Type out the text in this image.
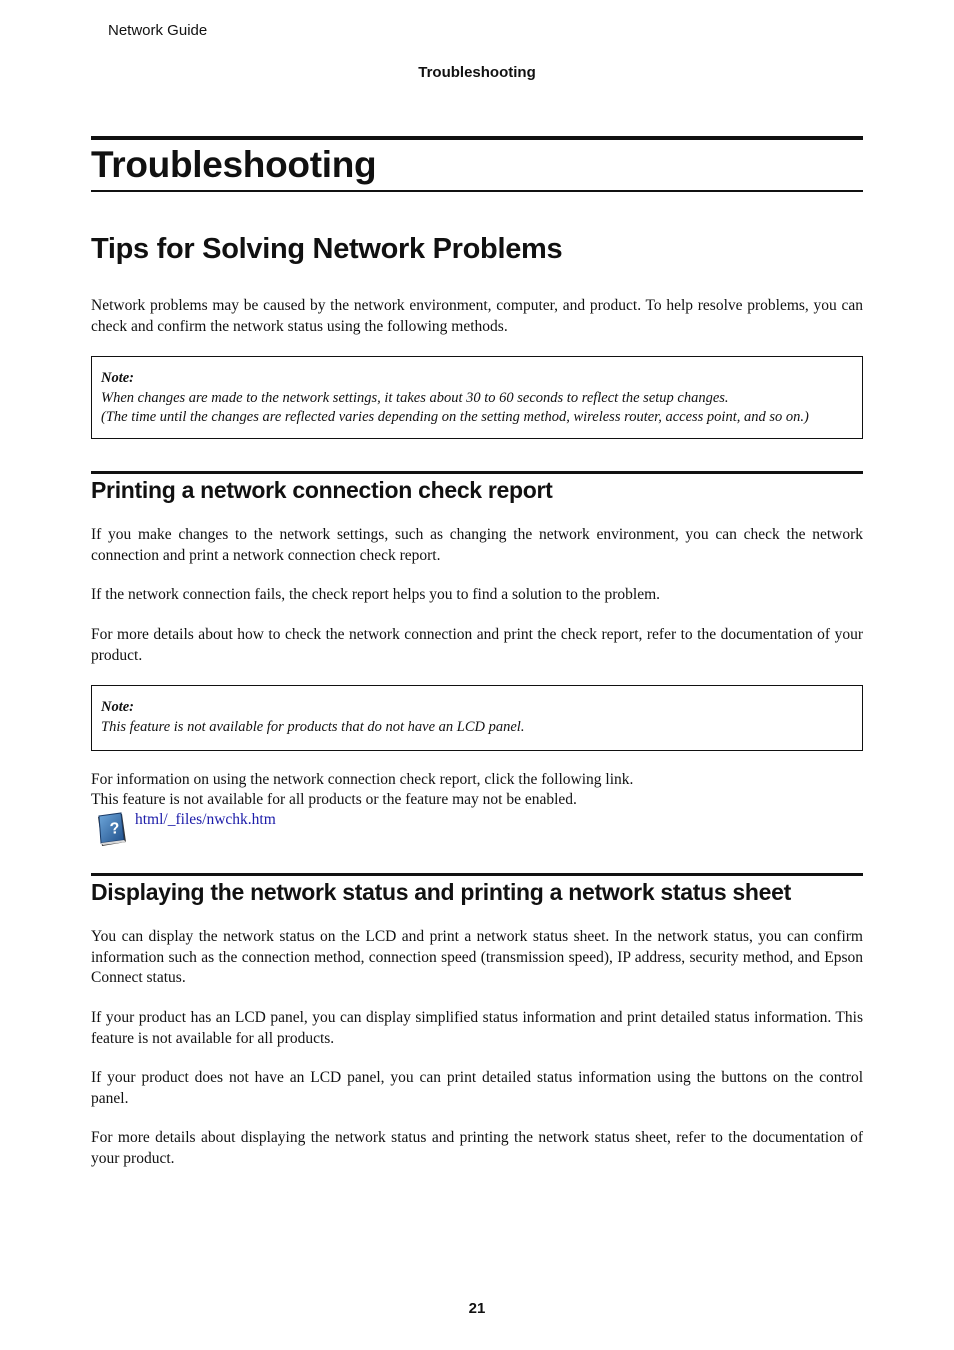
Network Guide
Troubleshooting
Troubleshooting
Tips for Solving Network Problems

Network problems may be caused by the network environment, computer, and product. To help resolve problems, you can check and confirm the network status using the following methods.

Note:
When changes are made to the network settings, it takes about 30 to 60 seconds to reflect the setup changes.
(The time until the changes are reflected varies depending on the setting method, wireless router, access point, and so on.)
Printing a network connection check report

If you make changes to the network settings, such as changing the network environment, you can check the network connection and print a network connection check report.

If the network connection fails, the check report helps you to find a solution to the problem.

For more details about how to check the network connection and print the check report, refer to the documentation of your product.

Note:
This feature is not available for products that do not have an LCD panel.
For information on using the network connection check report, click the following link.
This feature is not available for all products or the feature may not be enabled.
?
html/_files/nwchk.htm
Displaying the network status and printing a network status sheet

You can display the network status on the LCD and print a network status sheet. In the network status, you can confirm information such as the connection method, connection speed (transmission speed), IP address, security method, and Epson Connect status.

If your product has an LCD panel, you can display simplified status information and print detailed status information. This feature is not available for all products.

If your product does not have an LCD panel, you can print detailed status information using the buttons on the control panel.

For more details about displaying the network status and printing the network status sheet, refer to the documentation of your product.

21
